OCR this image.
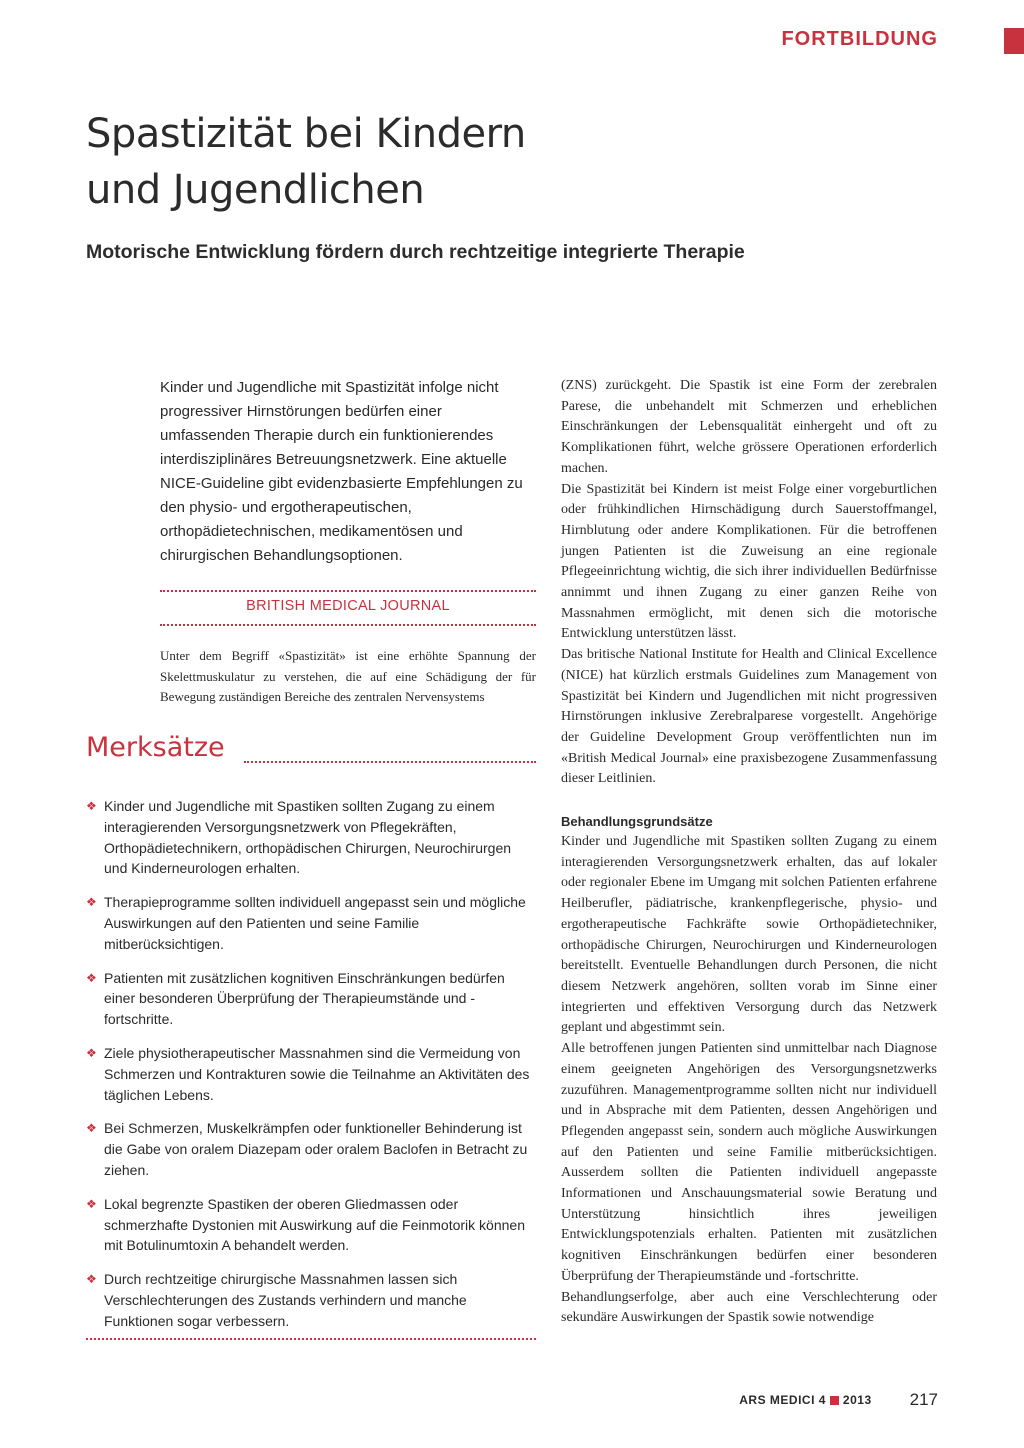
FORTBILDUNG
Spastizität bei Kindern
und Jugendlichen
Motorische Entwicklung fördern durch rechtzeitige integrierte Therapie
Kinder und Jugendliche mit Spastizität infolge nicht progressiver Hirnstörungen bedürfen einer umfassenden Therapie durch ein funktionierendes interdisziplinäres Betreuungsnetzwerk. Eine aktuelle NICE-Guideline gibt evidenzbasierte Empfehlungen zu den physio- und ergotherapeutischen, orthopädietechnischen, medikamentösen und chirurgischen Behandlungsoptionen.
BRITISH MEDICAL JOURNAL
Unter dem Begriff «Spastizität» ist eine erhöhte Spannung der Skelettmuskulatur zu verstehen, die auf eine Schädigung der für Bewegung zuständigen Bereiche des zentralen Nervensystems
Merksätze
❖ Kinder und Jugendliche mit Spastiken sollten Zugang zu einem interagierenden Versorgungsnetzwerk von Pflegekräften, Orthopädietechnikern, orthopädischen Chirurgen, Neurochirurgen und Kinderneurologen erhalten.
❖ Therapieprogramme sollten individuell angepasst sein und mögliche Auswirkungen auf den Patienten und seine Familie mitberücksichtigen.
❖ Patienten mit zusätzlichen kognitiven Einschränkungen bedürfen einer besonderen Überprüfung der Therapieumstände und -fortschritte.
❖ Ziele physiotherapeutischer Massnahmen sind die Vermeidung von Schmerzen und Kontrakturen sowie die Teilnahme an Aktivitäten des täglichen Lebens.
❖ Bei Schmerzen, Muskelkrämpfen oder funktioneller Behinderung ist die Gabe von oralem Diazepam oder oralem Baclofen in Betracht zu ziehen.
❖ Lokal begrenzte Spastiken der oberen Gliedmassen oder schmerzhafte Dystonien mit Auswirkung auf die Feinmotorik können mit Botulinumtoxin A behandelt werden.
❖ Durch rechtzeitige chirurgische Massnahmen lassen sich Verschlechterungen des Zustands verhindern und manche Funktionen sogar verbessern.

(ZNS) zurückgeht. Die Spastik ist eine Form der zerebralen Parese, die unbehandelt mit Schmerzen und erheblichen Einschränkungen der Lebensqualität einhergeht und oft zu Komplikationen führt, welche grössere Operationen erforderlich machen.

Die Spastizität bei Kindern ist meist Folge einer vorgeburtlichen oder frühkindlichen Hirnschädigung durch Sauerstoffmangel, Hirnblutung oder andere Komplikationen. Für die betroffenen jungen Patienten ist die Zuweisung an eine regionale Pflegeeinrichtung wichtig, die sich ihrer individuellen Bedürfnisse annimmt und ihnen Zugang zu einer ganzen Reihe von Massnahmen ermöglicht, mit denen sich die motorische Entwicklung unterstützen lässt.

Das britische National Institute for Health and Clinical Excellence (NICE) hat kürzlich erstmals Guidelines zum Management von Spastizität bei Kindern und Jugendlichen mit nicht progressiven Hirnstörungen inklusive Zerebralparese vorgestellt. Angehörige der Guideline Development Group veröffentlichten nun im «British Medical Journal» eine praxisbezogene Zusammenfassung dieser Leitlinien.

Behandlungsgrundsätze

Kinder und Jugendliche mit Spastiken sollten Zugang zu einem interagierenden Versorgungsnetzwerk erhalten, das auf lokaler oder regionaler Ebene im Umgang mit solchen Patienten erfahrene Heilberufler, pädiatrische, krankenpflegerische, physio- und ergotherapeutische Fachkräfte sowie Orthopädietechniker, orthopädische Chirurgen, Neurochirurgen und Kinderneurologen bereitstellt. Eventuelle Behandlungen durch Personen, die nicht diesem Netzwerk angehören, sollten vorab im Sinne einer integrierten und effektiven Versorgung durch das Netzwerk geplant und abgestimmt sein.

Alle betroffenen jungen Patienten sind unmittelbar nach Diagnose einem geeigneten Angehörigen des Versorgungsnetzwerks zuzuführen. Managementprogramme sollten nicht nur individuell und in Absprache mit dem Patienten, dessen Angehörigen und Pflegenden angepasst sein, sondern auch mögliche Auswirkungen auf den Patienten und seine Familie mitberücksichtigen. Ausserdem sollten die Patienten individuell angepasste Informationen und Anschauungsmaterial sowie Beratung und Unterstützung hinsichtlich ihres jeweiligen Entwicklungspotenzials erhalten. Patienten mit zusätzlichen kognitiven Einschränkungen bedürfen einer besonderen Überprüfung der Therapieumstände und -fortschritte.

Behandlungserfolge, aber auch eine Verschlechterung oder sekundäre Auswirkungen der Spastik sowie notwendige

ARS MEDICI 4 2013 217
